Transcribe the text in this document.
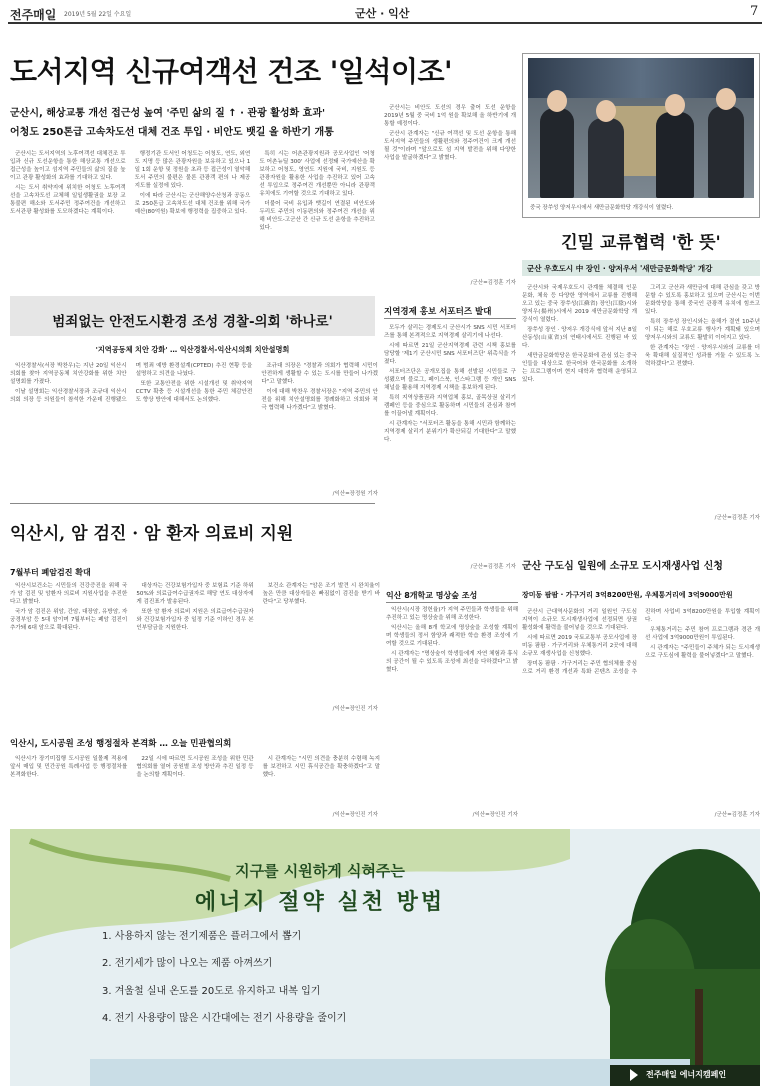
전주매일 2019년 5월 22일 수요일	군산 · 익산	7
도서지역 신규여객선 건조 '일석이조'
군산시, 해상교통 개선 접근성 높여 '주민 삶의 질 ↑ · 관광 활성화 효과'
어청도 250톤급 고속차도선 대체 건조 투입 · 비안도 뱃길 올 하반기 개통

군산시는 도서지역의 노후여객선 대체건조 투입과 신규 도선운항을 통한 해상교통 개선으로 접근성을 높이고 섬지역 주민들의 삶의 질을 높이고 관광 활성화의 효과를 기대하고 있다.

시는 도서 취약지에 위치한 어청도 노후여객선을 고속차도선 교체해 일일생활권을 보장 교통불편 해소와 도서주민 정주여건을 개선하고 도서관광 활성화를 도모하겠다는 계획이다.

행정기관 도서인 어청도는 어청도, 연도, 외연도 지명 등 많은 관광자원을 보유하고 있으나 1일 1회 운항 및 정원을 초과 등 접근성이 열악해 도서 주민의 불편은 물론 관광객 편의 나 제공 지도를 실정에 있다.

이에 따라 군산시는 군산해양수산청과 공동으로 250톤급 고속차도선 대체 건조를 위해 국가 예산(80억원) 확보에 행정력을 집중하고 있다.

특히 시는 어촌관광지원과 공모사업인 '어청도 어촌뉴딜 300' 사업에 선정돼 국가예산을 확보하고 어청도, 영연도 지원에 국비, 지원도 등 관광자원을 활용한 사업을 추진하고 있어 고속선 투입으로 정주여건 개선뿐만 아니라 관광객 유치에도 기여할 것으로 기대하고 있다.

더불어 국비 유입과 뱃길이 연결된 비안도와 두리도 주민의 이동편의와 정주여건 개선을 위해 비안도-고군산 간 신규 도선 운항을 추진하고 있다.

군산시는 비안도 도선의 경우 출어 도선 운항을 2019년 5월 중 국비 1억 원을 확보해 올 하반기에 개통할 예정이다.

군산시 관계자는 "신규 여객선 및 도선 운항을 통해 도서지역 주민들의 생활편의와 정주여건이 크게 개선될 것"이라며 "앞으로도 섬 지역 발전을 위해 다양한 사업을 발굴하겠다"고 밝혔다.

/군산=김정훈 기자
중국 장쑤성 양저우시에서 새만금문화학당 개강식이 열렸다.
긴밀 교류협력 '한 뜻'
군산 우호도시 中 장인 · 양저우서 '새만금문화학당' 개강

군산시와 국제우호도시 관계를 체결해 인문 문화, 체육 등 다양한 영역에서 교류를 진행해 오고 있는 중국 장쑤성(江蘇省) 장인(江陰)시와 양저우(揚州)시에서 2019 새만금문화학당 개강식이 열렸다.

장쑤성 장인 · 양저우 개강식에 앞서 지난 8일 산동성(山東省)의 연태시에서도 진행된 바 있다.

새만금문화학당은 한국문화에 관심 있는 중국인들을 대상으로 한국어와 한국문화를 소개하는 프로그램이며 현지 대학과 협력해 운영되고 있다.

그리고 군산과 새만금에 대해 관심을 갖고 방문할 수 있도록 홍보하고 있으며 군산시는 이번 문화학당을 통해 중국인 관광객 유치에 힘쓰고 있다.

특히 장쑤성 장인시와는 올해가 결연 10주년이 되는 해로 우호교류 행사가 계획돼 있으며 양저우시와의 교류도 활발히 이어지고 있다.

한 관계자는 "장인 · 양저우시와의 교류를 더욱 확대해 실질적인 성과를 거둘 수 있도록 노력하겠다"고 전했다.

/군산=김정훈 기자
범죄없는 안전도시환경 조성 경찰-의회 '하나로'
'지역공동체 치안 강화' … 익산경찰서-익산시의회 치안설명회

익산경찰서(서장 박찬우)는 지난 20일 익산시의회를 찾아 지역공동체 치안강화를 위한 치안설명회를 가졌다.

이날 설명회는 익산경찰서장과 조규대 익산시의회 의장 등 의원들이 참석한 가운데 진행됐으며 범죄 예방 환경설계(CPTED) 추진 현황 등을 설명하고 의견을 나눴다.

또한 교통안전을 위한 시설개선 및 취약지역 CCTV 확충 등 시설개선을 통한 주민 체감안전도 향상 방안에 대해서도 논의했다.

조규대 의장은 "경찰과 의회가 협력해 시민이 안전하게 생활할 수 있는 도시를 만들어 나가겠다"고 말했다.

이에 대해 박찬우 경찰서장은 "지역 주민의 안전을 위해 치안설명회를 정례화하고 의회와 적극 협력해 나가겠다"고 밝혔다.

/익산=장정원 기자
지역경제 홍보 서포터즈 발대

모두가 살리는 경제도시 군산시가 SNS 시민 서포터즈를 통해 본격적으로 지역경제 살리기에 나선다.

시에 따르면 21일 군산지역경제 관련 시책 홍보를 담당할 '제1기 군산시민 SNS 서포터즈단' 위촉식을 가졌다.

서포터즈단은 공개모집을 통해 선발된 시민들로 구성됐으며 블로그, 페이스북, 인스타그램 등 개인 SNS 채널을 활용해 지역경제 시책을 홍보하게 된다.

특히 지역상품권과 지역업체 홍보, 골목상권 살리기 캠페인 등을 중심으로 활동하며 시민들의 관심과 참여를 이끌어낼 계획이다.

시 관계자는 "서포터즈 활동을 통해 시민과 함께하는 지역경제 살리기 분위기가 확산되길 기대한다"고 말했다.

/군산=김정훈 기자
익산시, 암 검진 · 암 환자 의료비 지원
7월부터 폐암검진 확대

익산시보건소는 시민들의 건강증진을 위해 국가 암 검진 및 암환자 의료비 지원사업을 추진한다고 밝혔다.

국가 암 검진은 위암, 간암, 대장암, 유방암, 자궁경부암 등 5대 암이며 7월부터는 폐암 검진이 추가돼 6대 암으로 확대된다.

대상자는 건강보험가입자 중 보험료 기준 하위 50%와 의료급여수급권자로 해당 연도 대상자에게 검진표가 발송된다.

또한 암 환자 의료비 지원은 의료급여수급권자와 건강보험가입자 중 일정 기준 이하인 경우 본인부담금을 지원한다.

보건소 관계자는 "암은 조기 발견 시 완치율이 높은 만큼 대상자들은 빠짐없이 검진을 받기 바란다"고 당부했다.

/익산=장인진 기자
익산시, 도시공원 조성 행정절차 본격화 … 오늘 민관협의회

익산시가 장기미집행 도시공원 일몰제 적용에 앞서 매입 및 민간공원 특례사업 등 행정절차를 본격화한다.

22일 시에 따르면 도시공원 조성을 위한 민관협의회를 열어 공원별 조성 방안과 추진 일정 등을 논의할 계획이다.

시 관계자는 "시민 의견을 충분히 수렴해 녹지를 보전하고 시민 휴식공간을 확충하겠다"고 말했다.

/익산=장인진 기자
익산 8개학교 명상숲 조성

익산시(시장 정헌율)가 지역 주민들과 학생들을 위해 추진하고 있는 명상숲을 위해 조성한다.

익산시는 올해 8개 학교에 명상숲을 조성할 계획이며 학생들의 정서 함양과 쾌적한 학습 환경 조성에 기여할 것으로 기대된다.

시 관계자는 "명상숲이 학생들에게 자연 체험과 휴식의 공간이 될 수 있도록 조성에 최선을 다하겠다"고 밝혔다.

/익산=장인진 기자
군산 구도심 일원에 소규모 도시재생사업 신청
장미동 팜팜 · 가구거리 3억8200만원, 우체통거리에 3억9000만원

군산시 근대역사문화의 거리 일원인 구도심 지역이 소규모 도시재생사업에 선정되면 상권 활성화에 활력을 불어넣을 것으로 기대된다.

시에 따르면 2019 국토교통부 공모사업에 장미동 팜팜 · 가구거리와 우체통거리 2곳에 대해 소규모 재생사업을 신청했다.

장미동 팜팜 · 가구거리는 주민 협의체를 중심으로 거리 환경 개선과 특화 콘텐츠 조성을 추진하며 사업비 3억8200만원을 투입할 계획이다.

우체통거리는 주민 참여 프로그램과 경관 개선 사업에 3억9000만원이 투입된다.

시 관계자는 "주민들이 주체가 되는 도시재생으로 구도심에 활력을 불어넣겠다"고 말했다.

/군산=김정훈 기자
지구를 시원하게 식혀주는
에너지 절약 실천 방법
1. 사용하지 않는 전기제품은 플러그에서 뽑기
2. 전기세가 많이 나오는 제품 아껴쓰기
3. 겨울철 실내 온도를 20도로 유지하고 내복 입기
4. 전기 사용량이 많은 시간대에는 전기 사용량을 줄이기
전주매일 에너지캠페인
